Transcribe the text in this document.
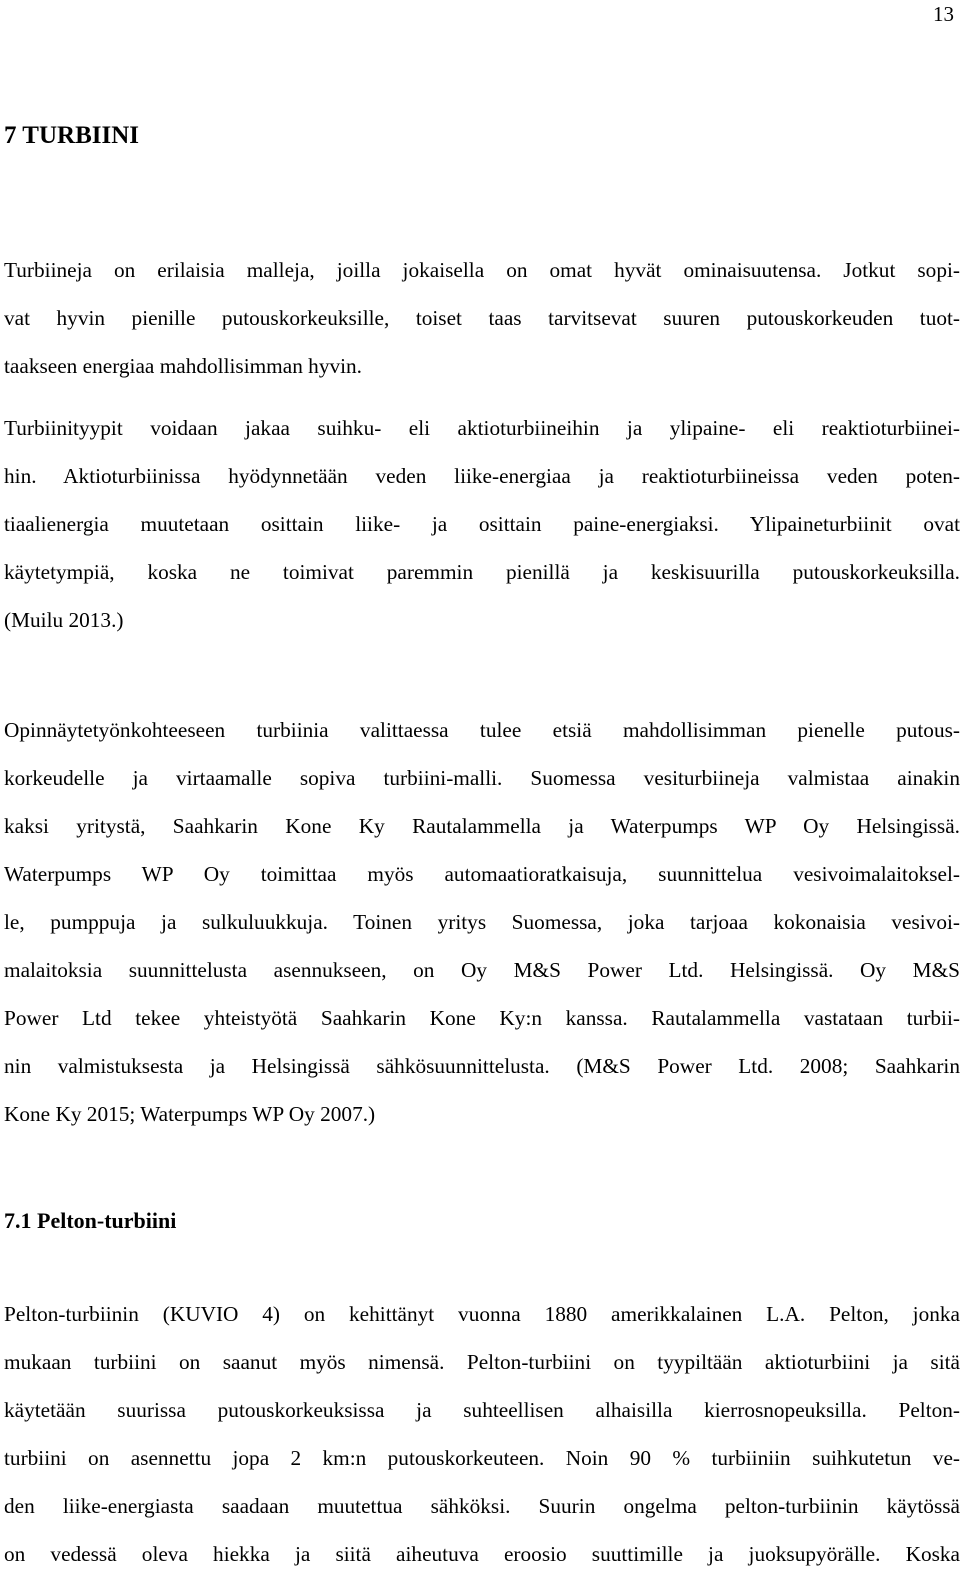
13
7 TURBIINI
Turbiineja on erilaisia malleja, joilla jokaisella on omat hyvät ominaisuutensa. Jotkut sopi-
vat hyvin pienille putouskorkeuksille, toiset taas tarvitsevat suuren putouskorkeuden tuot-
taakseen energiaa mahdollisimman hyvin.
Turbiinityypit voidaan jakaa suihku- eli aktioturbiineihin ja ylipaine- eli reaktioturbiinei-
hin. Aktioturbiinissa hyödynnetään veden liike-energiaa ja reaktioturbiineissa veden poten-
tiaalienergia muutetaan osittain liike- ja osittain paine-energiaksi. Ylipaineturbiinit ovat
käytetympiä, koska ne toimivat paremmin pienillä ja keskisuurilla putouskorkeuksilla.
(Muilu 2013.)
Opinnäytetyönkohteeseen turbiinia valittaessa tulee etsiä mahdollisimman pienelle putous-
korkeudelle ja virtaamalle sopiva turbiini-malli. Suomessa vesiturbiineja valmistaa ainakin
kaksi yritystä, Saahkarin Kone Ky Rautalammella ja Waterpumps WP Oy Helsingissä.
Waterpumps WP Oy toimittaa myös automaatioratkaisuja, suunnittelua vesivoimalaitoksel-
le, pumppuja ja sulkuluukkuja. Toinen yritys Suomessa, joka tarjoaa kokonaisia vesivoi-
malaitoksia suunnittelusta asennukseen, on Oy M&S Power Ltd. Helsingissä. Oy M&S
Power Ltd tekee yhteistyötä Saahkarin Kone Ky:n kanssa. Rautalammella vastataan turbii-
nin valmistuksesta ja Helsingissä sähkösuunnittelusta. (M&S Power Ltd. 2008; Saahkarin
Kone Ky 2015; Waterpumps WP Oy 2007.)
7.1 Pelton-turbiini
Pelton-turbiinin (KUVIO 4) on kehittänyt vuonna 1880 amerikkalainen L.A. Pelton, jonka
mukaan turbiini on saanut myös nimensä. Pelton-turbiini on tyypiltään aktioturbiini ja sitä
käytetään suurissa putouskorkeuksissa ja suhteellisen alhaisilla kierrosnopeuksilla. Pelton-
turbiini on asennettu jopa 2 km:n putouskorkeuteen. Noin 90 % turbiiniin suihkutetun ve-
den liike-energiasta saadaan muutettua sähköksi. Suurin ongelma pelton-turbiinin käytössä
on vedessä oleva hiekka ja siitä aiheutuva eroosio suuttimille ja juoksupyörälle. Koska
